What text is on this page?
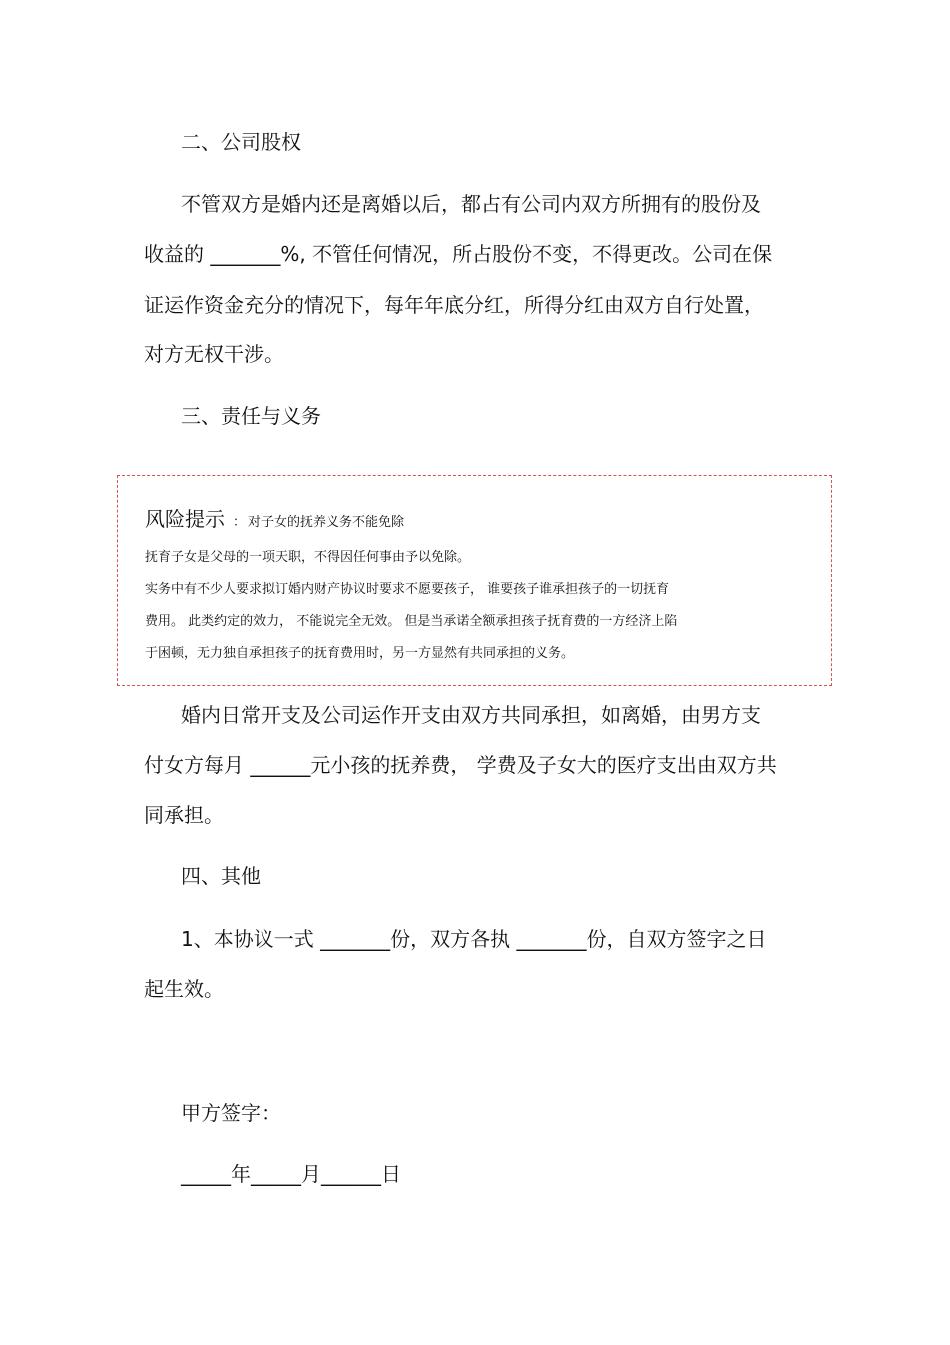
二、公司股权
不管双方是婚内还是离婚以后，都占有公司内双方所拥有的股份及
收益的 _______%, 不管任何情况，所占股份不变，不得更改。公司在保
证运作资金充分的情况下，每年年底分红，所得分红由双方自行处置，
对方无权干涉。
三、责任与义务
风险提示 ： 对子女的抚养义务不能免除
抚育子女是父母的一项天职，不得因任何事由予以免除。
实务中有不少人要求拟订婚内财产协议时要求不愿要孩子， 谁要孩子谁承担孩子的一切抚育
费用。 此类约定的效力， 不能说完全无效。 但是当承诺全额承担孩子抚育费的一方经济上陷
于困顿，无力独自承担孩子的抚育费用时，另一方显然有共同承担的义务。
婚内日常开支及公司运作开支由双方共同承担，如离婚，由男方支
付女方每月 ______元小孩的抚养费， 学费及子女大的医疗支出由双方共
同承担。
四、其他
1、本协议一式 _______份，双方各执 _______份，自双方签字之日
起生效。
甲方签字：
_____年_____月______日
